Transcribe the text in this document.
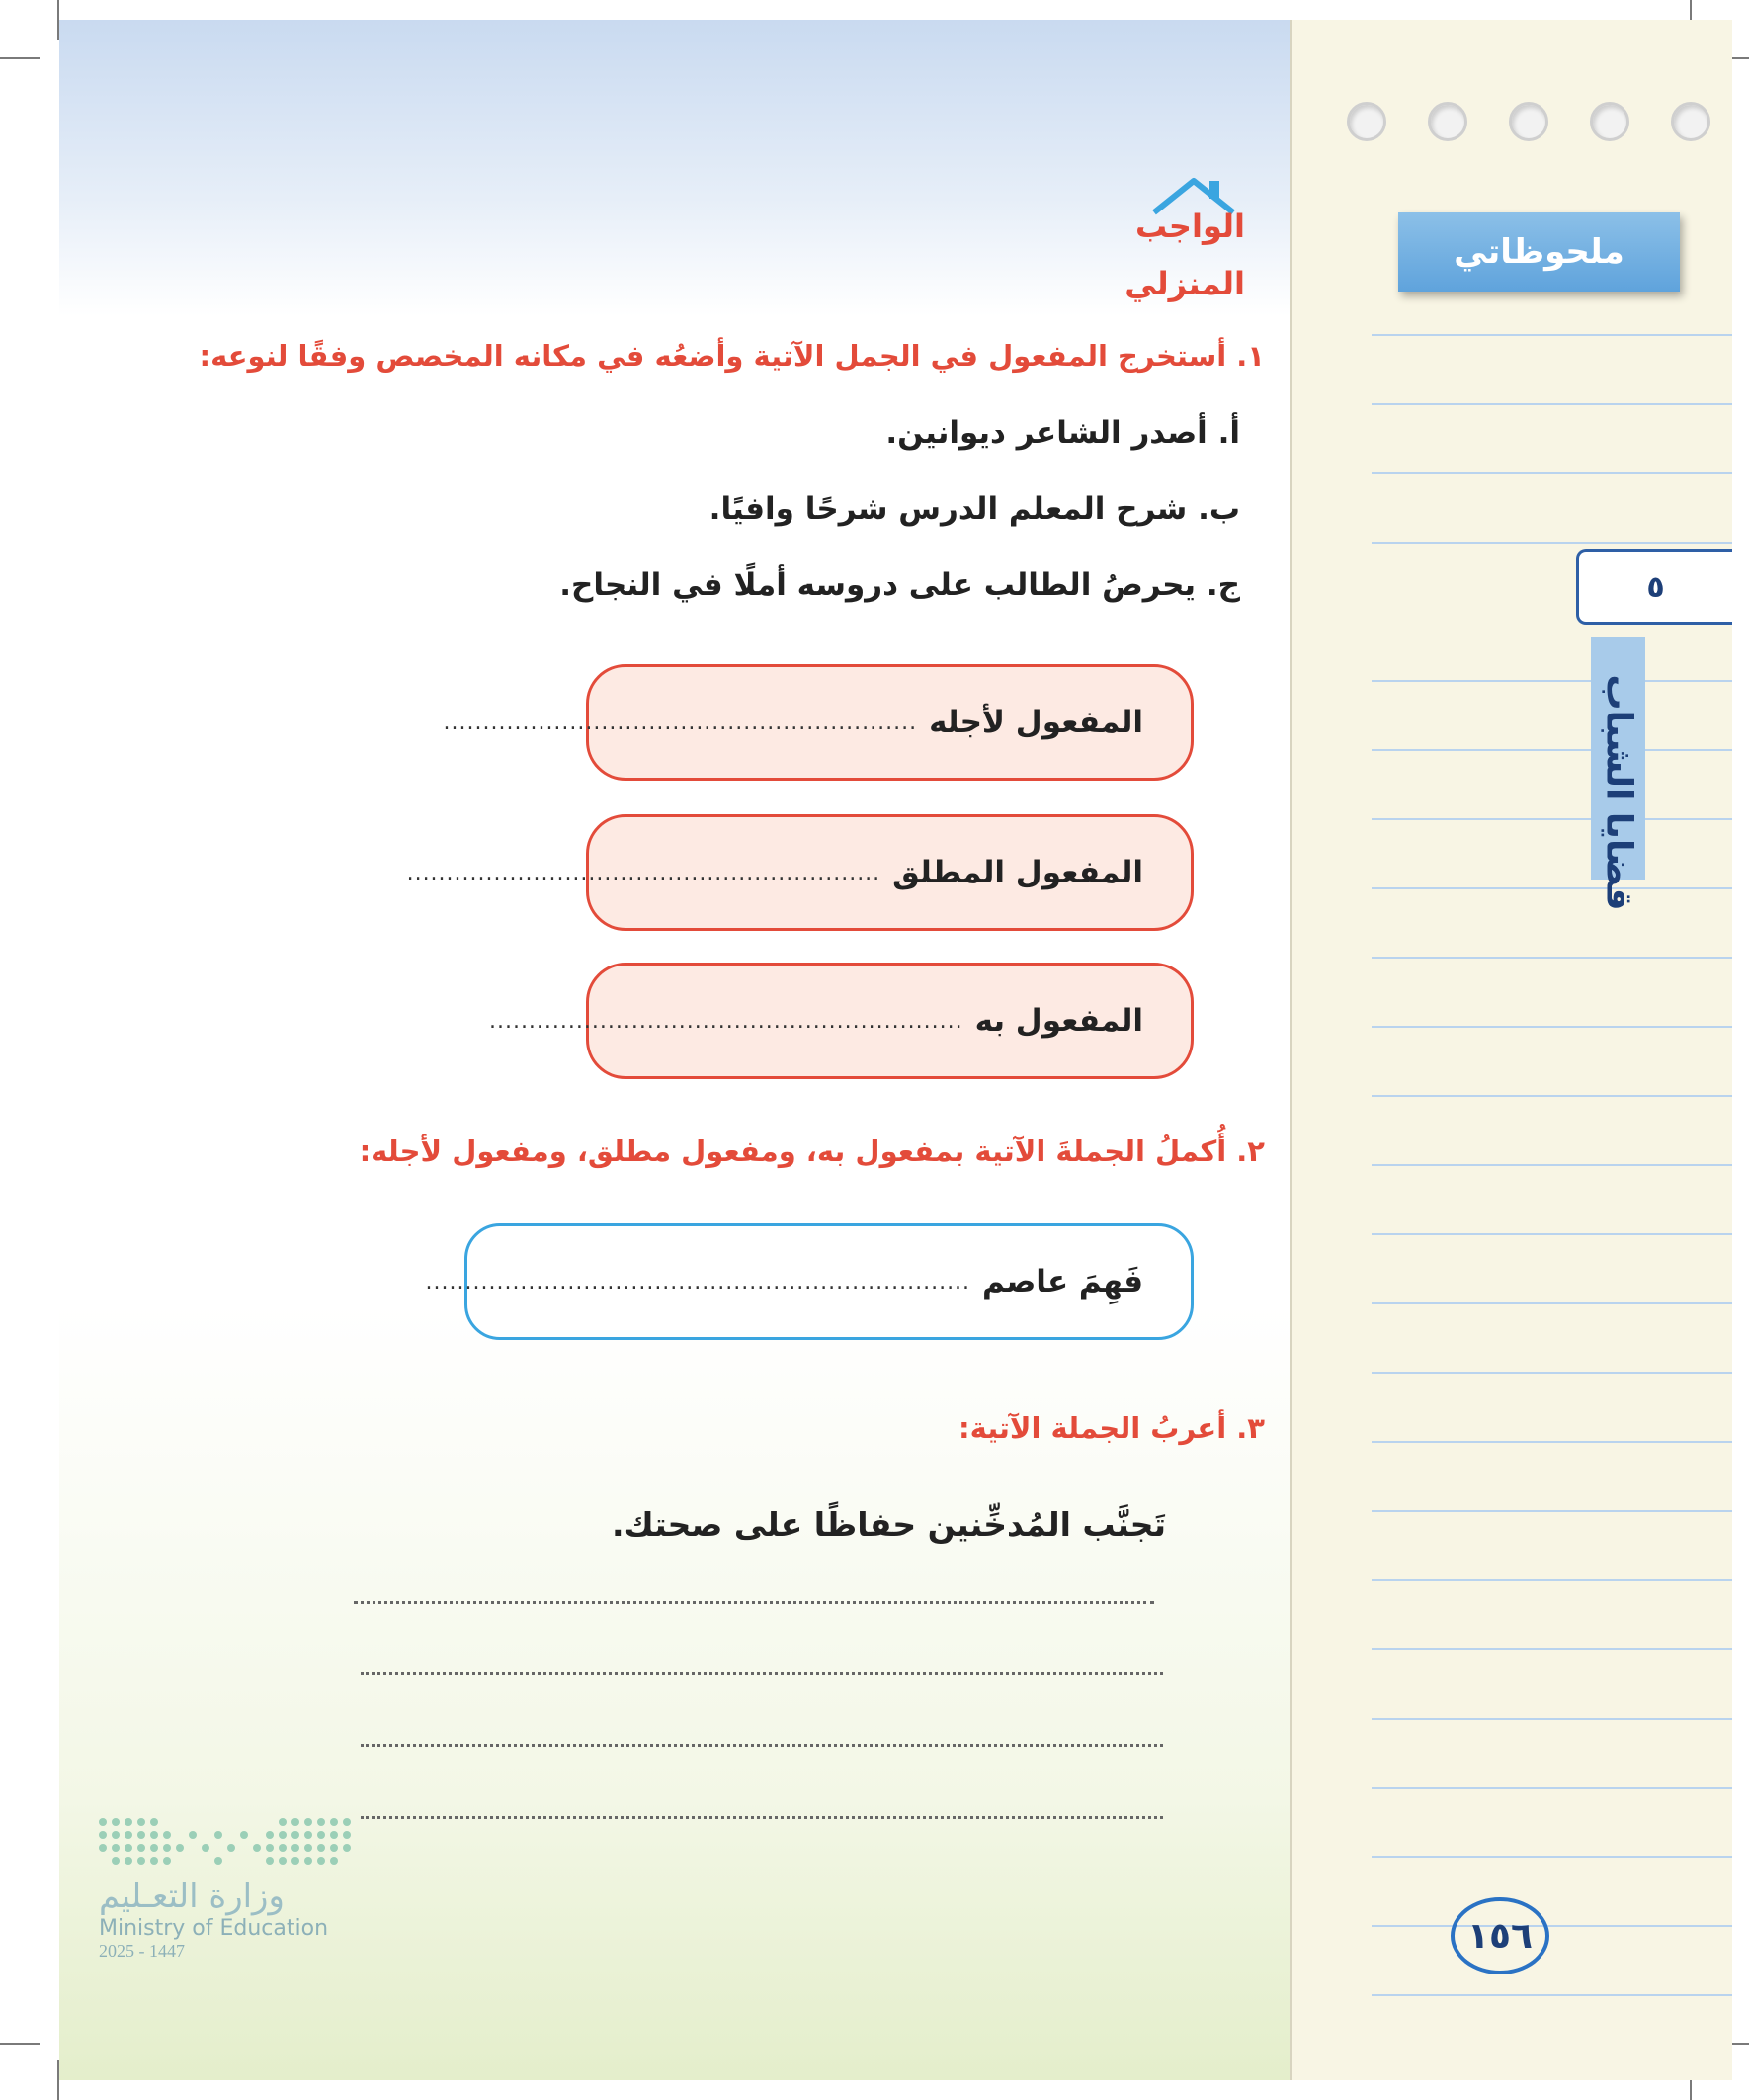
ملحوظاتي
٥
قضايا الشباب
١٥٦
الواجب
المنزلي
١. أستخرج المفعول في الجمل الآتية وأضعُه في مكانه المخصص وفقًا لنوعه:
أ. أصدر الشاعر ديوانين.
ب. شرح المعلم الدرس شرحًا وافيًا.
ج. يحرصُ الطالب على دروسه أملًا في النجاح.
المفعول لأجله
............................................................
المفعول المطلق
............................................................
المفعول به
............................................................
٢. أُكملُ الجملةَ الآتية بمفعول به، ومفعول مطلق، ومفعول لأجله:
فَهِمَ عاصم
.....................................................................
٣. أعربُ الجملة الآتية:
تَجنَّب المُدخِّنين حفاظًا على صحتك.
وزارة التعـليم
Ministry of Education
2025 - 1447
